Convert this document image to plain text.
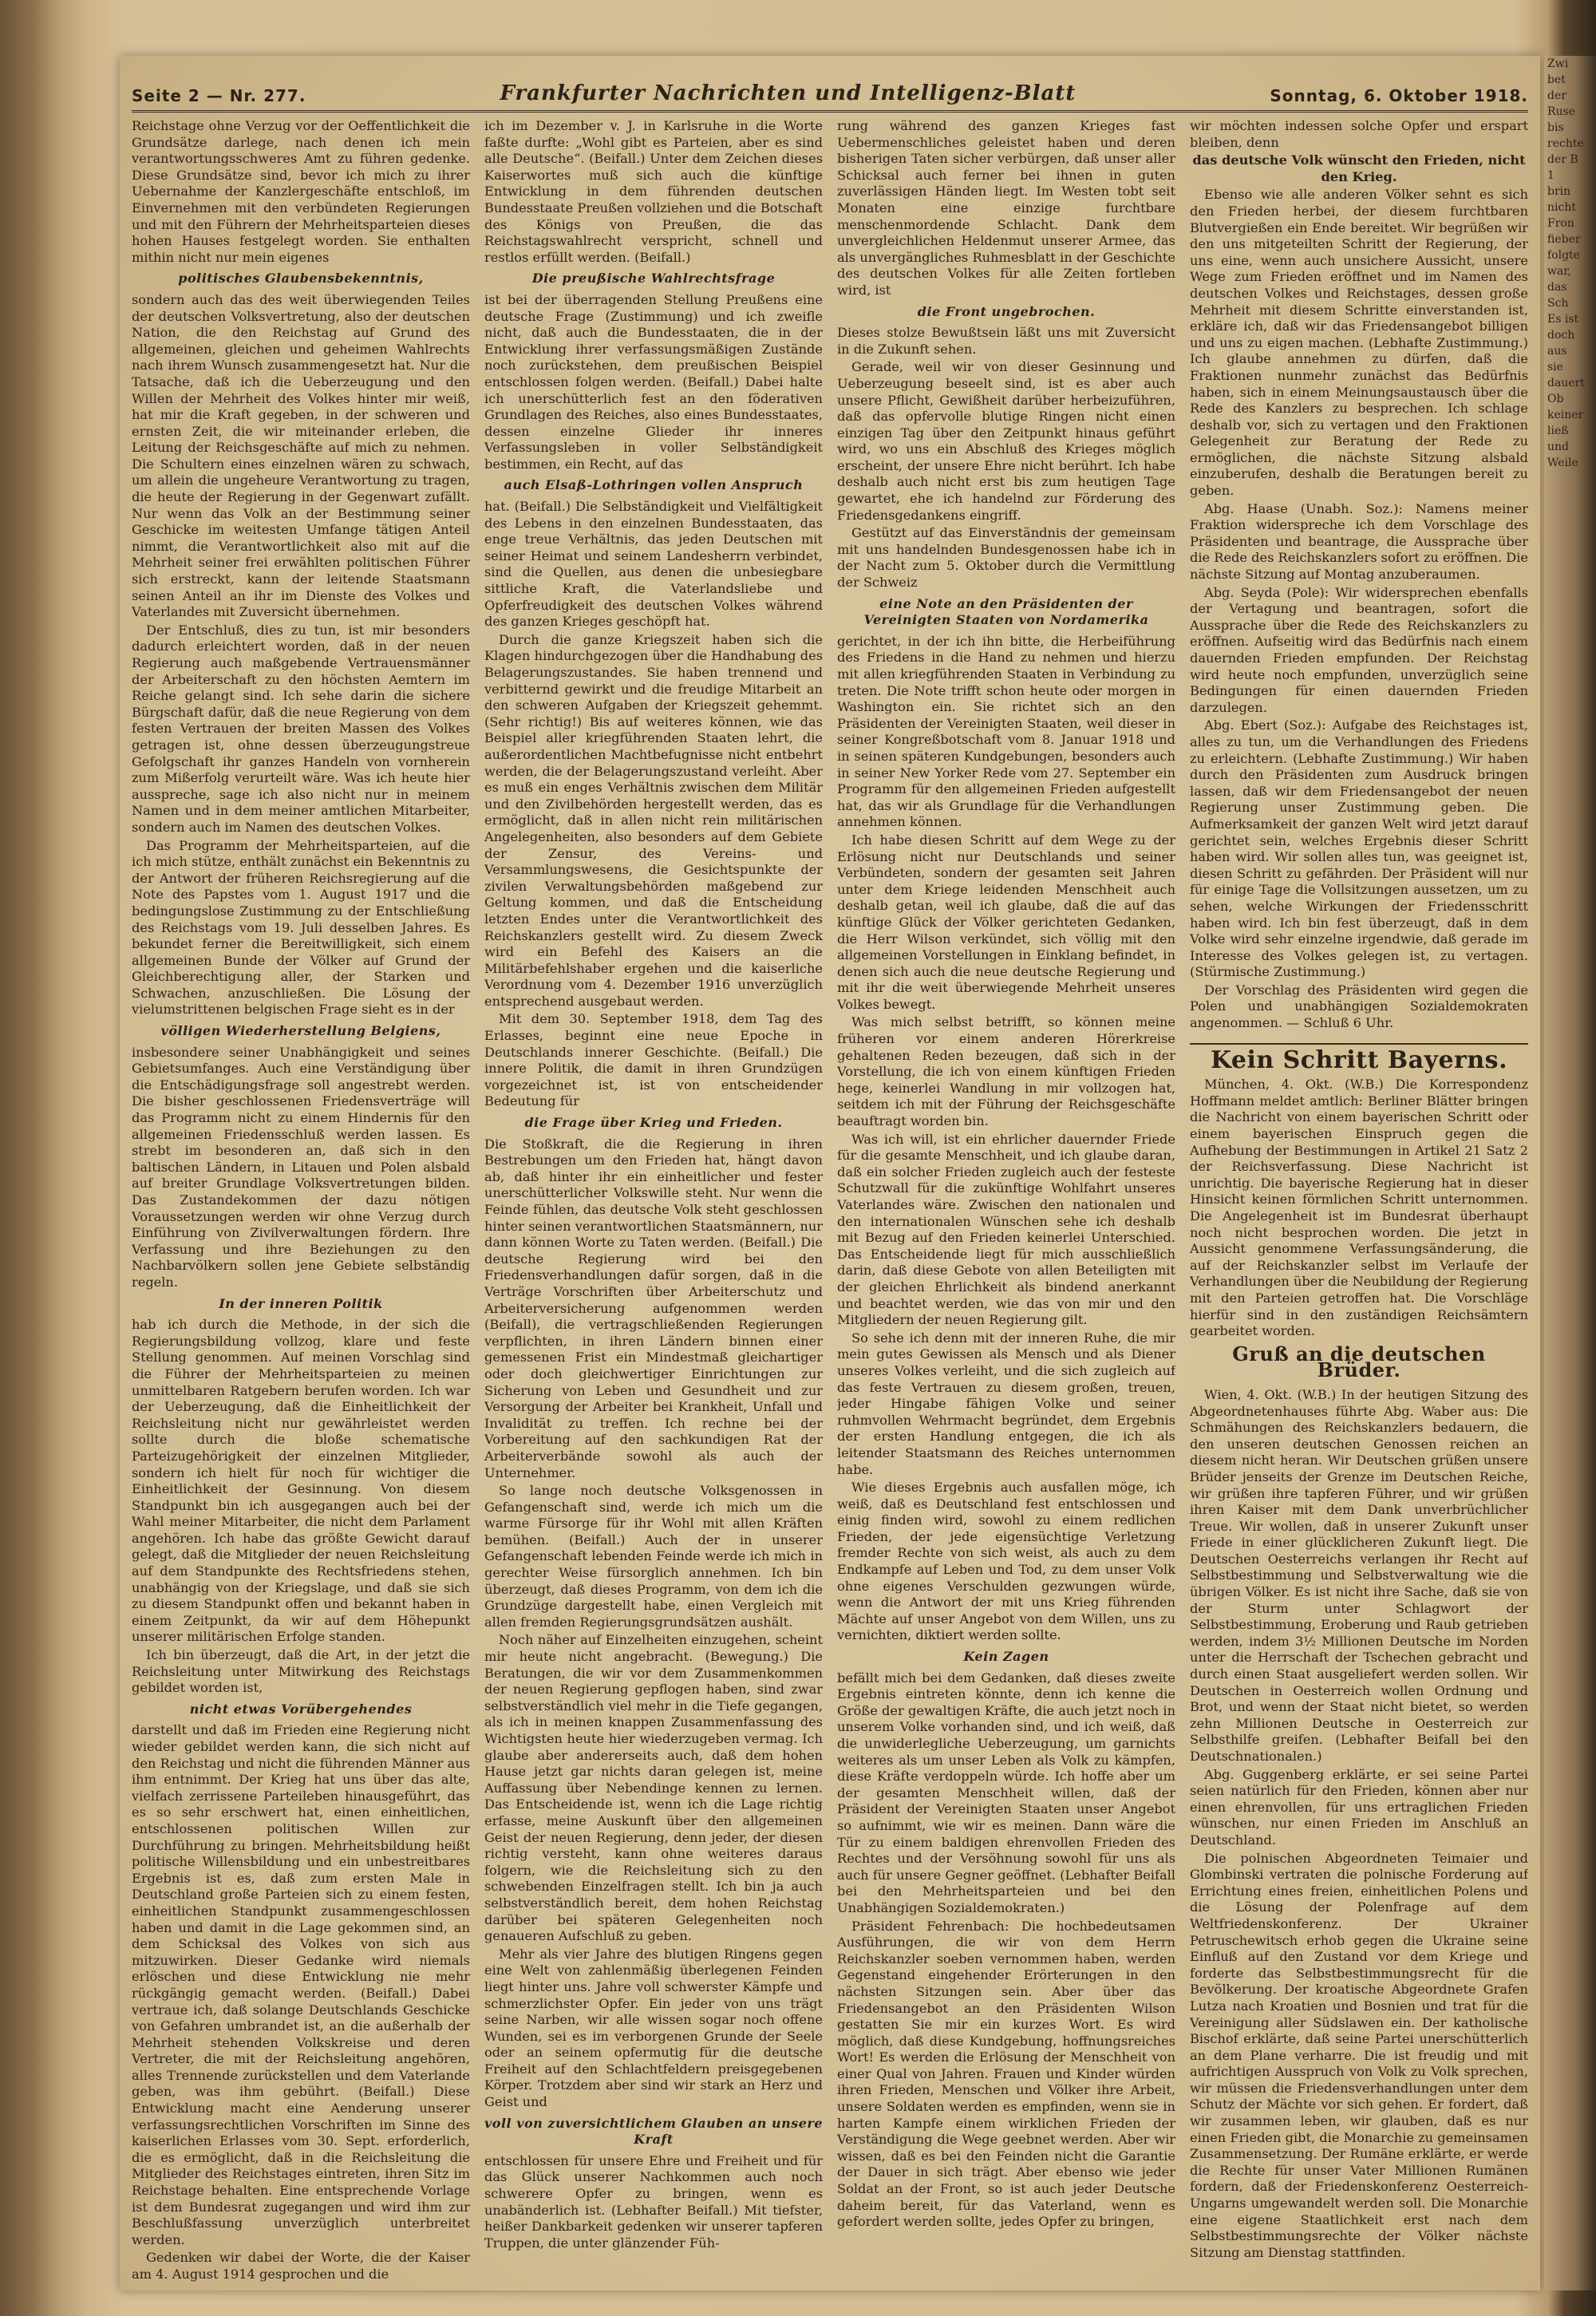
Seite 2 — Nr. 277.	Frankfurter Nachrichten und Intelligenz-Blatt	Sonntag, 6. Oktober 1918.

Reichstage ohne Verzug vor der Oeffentlichkeit die Grundsätze darlege, nach denen ich mein verantwortungsschweres Amt zu führen gedenke. Diese Grundsätze sind, bevor ich mich zu ihrer Uebernahme der Kanzlergeschäfte entschloß, im Einvernehmen mit den verbündeten Regierungen und mit den Führern der Mehrheitsparteien dieses hohen Hauses festgelegt worden. Sie enthalten mithin nicht nur mein eigenes

politisches Glaubensbekenntnis,

sondern auch das des weit überwiegenden Teiles der deutschen Volksvertretung, also der deutschen Nation, die den Reichstag auf Grund des allgemeinen, gleichen und geheimen Wahlrechts nach ihrem Wunsch zusammengesetzt hat. Nur die Tatsache, daß ich die Ueberzeugung und den Willen der Mehrheit des Volkes hinter mir weiß, hat mir die Kraft gegeben, in der schweren und ernsten Zeit, die wir miteinander erleben, die Leitung der Reichsgeschäfte auf mich zu nehmen. Die Schultern eines einzelnen wären zu schwach, um allein die ungeheure Verantwortung zu tragen, die heute der Regierung in der Gegenwart zufällt. Nur wenn das Volk an der Bestimmung seiner Geschicke im weitesten Umfange tätigen Anteil nimmt, die Verantwortlichkeit also mit auf die Mehrheit seiner frei erwählten politischen Führer sich erstreckt, kann der leitende Staatsmann seinen Anteil an ihr im Dienste des Volkes und Vaterlandes mit Zuversicht übernehmen.

Der Entschluß, dies zu tun, ist mir besonders dadurch erleichtert worden, daß in der neuen Regierung auch maßgebende Vertrauensmänner der Arbeiterschaft zu den höchsten Aemtern im Reiche gelangt sind. Ich sehe darin die sichere Bürgschaft dafür, daß die neue Regierung von dem festen Vertrauen der breiten Massen des Volkes getragen ist, ohne dessen überzeugungstreue Gefolgschaft ihr ganzes Handeln von vornherein zum Mißerfolg verurteilt wäre. Was ich heute hier ausspreche, sage ich also nicht nur in meinem Namen und in dem meiner amtlichen Mitarbeiter, sondern auch im Namen des deutschen Volkes.

Das Programm der Mehrheitsparteien, auf die ich mich stütze, enthält zunächst ein Bekenntnis zu der Antwort der früheren Reichsregierung auf die Note des Papstes vom 1. August 1917 und die bedingungslose Zustimmung zu der Entschließung des Reichstags vom 19. Juli desselben Jahres. Es bekundet ferner die Bereitwilligkeit, sich einem allgemeinen Bunde der Völker auf Grund der Gleichberechtigung aller, der Starken und Schwachen, anzuschließen. Die Lösung der vielumstrittenen belgischen Frage sieht es in der

völligen Wiederherstellung Belgiens,

insbesondere seiner Unabhängigkeit und seines Gebietsumfanges. Auch eine Verständigung über die Entschädigungsfrage soll angestrebt werden. Die bisher geschlossenen Friedensverträge will das Programm nicht zu einem Hindernis für den allgemeinen Friedensschluß werden lassen. Es strebt im besonderen an, daß sich in den baltischen Ländern, in Litauen und Polen alsbald auf breiter Grundlage Volksvertretungen bilden. Das Zustandekommen der dazu nötigen Voraussetzungen werden wir ohne Verzug durch Einführung von Zivilverwaltungen fördern. Ihre Verfassung und ihre Beziehungen zu den Nachbarvölkern sollen jene Gebiete selbständig regeln.

In der inneren Politik

hab ich durch die Methode, in der sich die Regierungsbildung vollzog, klare und feste Stellung genommen. Auf meinen Vorschlag sind die Führer der Mehrheitsparteien zu meinen unmittelbaren Ratgebern berufen worden. Ich war der Ueberzeugung, daß die Einheitlichkeit der Reichsleitung nicht nur gewährleistet werden sollte durch die bloße schematische Parteizugehörigkeit der einzelnen Mitglieder, sondern ich hielt für noch für wichtiger die Einheitlichkeit der Gesinnung. Von diesem Standpunkt bin ich ausgegangen auch bei der Wahl meiner Mitarbeiter, die nicht dem Parlament angehören. Ich habe das größte Gewicht darauf gelegt, daß die Mitglieder der neuen Reichsleitung auf dem Standpunkte des Rechtsfriedens stehen, unabhängig von der Kriegslage, und daß sie sich zu diesem Standpunkt offen und bekannt haben in einem Zeitpunkt, da wir auf dem Höhepunkt unserer militärischen Erfolge standen.

Ich bin überzeugt, daß die Art, in der jetzt die Reichsleitung unter Mitwirkung des Reichstags gebildet worden ist,

nicht etwas Vorübergehendes

darstellt und daß im Frieden eine Regierung nicht wieder gebildet werden kann, die sich nicht auf den Reichstag und nicht die führenden Männer aus ihm entnimmt. Der Krieg hat uns über das alte, vielfach zerrissene Parteileben hinausgeführt, das es so sehr erschwert hat, einen einheitlichen, entschlossenen politischen Willen zur Durchführung zu bringen. Mehrheitsbildung heißt politische Willensbildung und ein unbestreitbares Ergebnis ist es, daß zum ersten Male in Deutschland große Parteien sich zu einem festen, einheitlichen Standpunkt zusammengeschlossen haben und damit in die Lage gekommen sind, an dem Schicksal des Volkes von sich aus mitzuwirken. Dieser Gedanke wird niemals erlöschen und diese Entwicklung nie mehr rückgängig gemacht werden. (Beifall.) Dabei vertraue ich, daß solange Deutschlands Geschicke von Gefahren umbrandet ist, an die außerhalb der Mehrheit stehenden Volkskreise und deren Vertreter, die mit der Reichsleitung angehören, alles Trennende zurückstellen und dem Vaterlande geben, was ihm gebührt. (Beifall.) Diese Entwicklung macht eine Aenderung unserer verfassungsrechtlichen Vorschriften im Sinne des kaiserlichen Erlasses vom 30. Sept. erforderlich, die es ermöglicht, daß in die Reichsleitung die Mitglieder des Reichstages eintreten, ihren Sitz im Reichstage behalten. Eine entsprechende Vorlage ist dem Bundesrat zugegangen und wird ihm zur Beschlußfassung unverzüglich unterbreitet werden.

Gedenken wir dabei der Worte, die der Kaiser am 4. August 1914 gesprochen und die

ich im Dezember v. J. in Karlsruhe in die Worte faßte durfte: „Wohl gibt es Parteien, aber es sind alle Deutsche“. (Beifall.) Unter dem Zeichen dieses Kaiserwortes muß sich auch die künftige Entwicklung in dem führenden deutschen Bundesstaate Preußen vollziehen und die Botschaft des Königs von Preußen, die das Reichstagswahlrecht verspricht, schnell und restlos erfüllt werden. (Beifall.)

Die preußische Wahlrechtsfrage

ist bei der überragenden Stellung Preußens eine deutsche Frage (Zustimmung) und ich zweifle nicht, daß auch die Bundesstaaten, die in der Entwicklung ihrer verfassungsmäßigen Zustände noch zurückstehen, dem preußischen Beispiel entschlossen folgen werden. (Beifall.) Dabei halte ich unerschütterlich fest an den föderativen Grundlagen des Reiches, also eines Bundesstaates, dessen einzelne Glieder ihr inneres Verfassungsleben in voller Selbständigkeit bestimmen, ein Recht, auf das

auch Elsaß-Lothringen vollen Anspruch

hat. (Beifall.) Die Selbständigkeit und Vielfältigkeit des Lebens in den einzelnen Bundesstaaten, das enge treue Verhältnis, das jeden Deutschen mit seiner Heimat und seinem Landesherrn verbindet, sind die Quellen, aus denen die unbesiegbare sittliche Kraft, die Vaterlandsliebe und Opferfreudigkeit des deutschen Volkes während des ganzen Krieges geschöpft hat.

Durch die ganze Kriegszeit haben sich die Klagen hindurchgezogen über die Handhabung des Belagerungszustandes. Sie haben trennend und verbitternd gewirkt und die freudige Mitarbeit an den schweren Aufgaben der Kriegszeit gehemmt. (Sehr richtig!) Bis auf weiteres können, wie das Beispiel aller kriegführenden Staaten lehrt, die außerordentlichen Machtbefugnisse nicht entbehrt werden, die der Belagerungszustand verleiht. Aber es muß ein enges Verhältnis zwischen dem Militär und den Zivilbehörden hergestellt werden, das es ermöglicht, daß in allen nicht rein militärischen Angelegenheiten, also besonders auf dem Gebiete der Zensur, des Vereins- und Versammlungswesens, die Gesichtspunkte der zivilen Verwaltungsbehörden maßgebend zur Geltung kommen, und daß die Entscheidung letzten Endes unter die Verantwortlichkeit des Reichskanzlers gestellt wird. Zu diesem Zweck wird ein Befehl des Kaisers an die Militärbefehlshaber ergehen und die kaiserliche Verordnung vom 4. Dezember 1916 unverzüglich entsprechend ausgebaut werden.

Mit dem 30. September 1918, dem Tag des Erlasses, beginnt eine neue Epoche in Deutschlands innerer Geschichte. (Beifall.) Die innere Politik, die damit in ihren Grundzügen vorgezeichnet ist, ist von entscheidender Bedeutung für

die Frage über Krieg und Frieden.

Die Stoßkraft, die die Regierung in ihren Bestrebungen um den Frieden hat, hängt davon ab, daß hinter ihr ein einheitlicher und fester unerschütterlicher Volkswille steht. Nur wenn die Feinde fühlen, das deutsche Volk steht geschlossen hinter seinen verantwortlichen Staatsmännern, nur dann können Worte zu Taten werden. (Beifall.) Die deutsche Regierung wird bei den Friedensverhandlungen dafür sorgen, daß in die Verträge Vorschriften über Arbeiterschutz und Arbeiterversicherung aufgenommen werden (Beifall), die vertragschließenden Regierungen verpflichten, in ihren Ländern binnen einer gemessenen Frist ein Mindestmaß gleichartiger oder doch gleichwertiger Einrichtungen zur Sicherung von Leben und Gesundheit und zur Versorgung der Arbeiter bei Krankheit, Unfall und Invalidität zu treffen. Ich rechne bei der Vorbereitung auf den sachkundigen Rat der Arbeiterverbände sowohl als auch der Unternehmer.

So lange noch deutsche Volksgenossen in Gefangenschaft sind, werde ich mich um die warme Fürsorge für ihr Wohl mit allen Kräften bemühen. (Beifall.) Auch der in unserer Gefangenschaft lebenden Feinde werde ich mich in gerechter Weise fürsorglich annehmen. Ich bin überzeugt, daß dieses Programm, von dem ich die Grundzüge dargestellt habe, einen Vergleich mit allen fremden Regierungsgrundsätzen aushält.

Noch näher auf Einzelheiten einzugehen, scheint mir heute nicht angebracht. (Bewegung.) Die Beratungen, die wir vor dem Zusammenkommen der neuen Regierung gepflogen haben, sind zwar selbstverständlich viel mehr in die Tiefe gegangen, als ich in meinen knappen Zusammenfassung des Wichtigsten heute hier wiederzugeben vermag. Ich glaube aber andererseits auch, daß dem hohen Hause jetzt gar nichts daran gelegen ist, meine Auffassung über Nebendinge kennen zu lernen. Das Entscheidende ist, wenn ich die Lage richtig erfasse, meine Auskunft über den allgemeinen Geist der neuen Regierung, denn jeder, der diesen richtig versteht, kann ohne weiteres daraus folgern, wie die Reichsleitung sich zu den schwebenden Einzelfragen stellt. Ich bin ja auch selbstverständlich bereit, dem hohen Reichstag darüber bei späteren Gelegenheiten noch genaueren Aufschluß zu geben.

Mehr als vier Jahre des blutigen Ringens gegen eine Welt von zahlenmäßig überlegenen Feinden liegt hinter uns. Jahre voll schwerster Kämpfe und schmerzlichster Opfer. Ein jeder von uns trägt seine Narben, wir alle wissen sogar noch offene Wunden, sei es im verborgenen Grunde der Seele oder an seinem opfermutig für die deutsche Freiheit auf den Schlachtfeldern preisgegebenen Körper. Trotzdem aber sind wir stark an Herz und Geist und

voll von zuversichtlichem Glauben an unsere Kraft

entschlossen für unsere Ehre und Freiheit und für das Glück unserer Nachkommen auch noch schwerere Opfer zu bringen, wenn es unabänderlich ist. (Lebhafter Beifall.) Mit tiefster, heißer Dankbarkeit gedenken wir unserer tapferen Truppen, die unter glänzender Füh-

rung während des ganzen Krieges fast Uebermenschliches geleistet haben und deren bisherigen Taten sicher verbürgen, daß unser aller Schicksal auch ferner bei ihnen in guten zuverlässigen Händen liegt. Im Westen tobt seit Monaten eine einzige furchtbare menschenmordende Schlacht. Dank dem unvergleichlichen Heldenmut unserer Armee, das als unvergängliches Ruhmesblatt in der Geschichte des deutschen Volkes für alle Zeiten fortleben wird, ist

die Front ungebrochen.

Dieses stolze Bewußtsein läßt uns mit Zuversicht in die Zukunft sehen.

Gerade, weil wir von dieser Gesinnung und Ueberzeugung beseelt sind, ist es aber auch unsere Pflicht, Gewißheit darüber herbeizuführen, daß das opfervolle blutige Ringen nicht einen einzigen Tag über den Zeitpunkt hinaus geführt wird, wo uns ein Abschluß des Krieges möglich erscheint, der unsere Ehre nicht berührt. Ich habe deshalb auch nicht erst bis zum heutigen Tage gewartet, ehe ich handelnd zur Förderung des Friedensgedankens eingriff.

Gestützt auf das Einverständnis der gemeinsam mit uns handelnden Bundesgenossen habe ich in der Nacht zum 5. Oktober durch die Vermittlung der Schweiz

eine Note an den Präsidenten der Vereinigten Staaten von Nordamerika

gerichtet, in der ich ihn bitte, die Herbeiführung des Friedens in die Hand zu nehmen und hierzu mit allen kriegführenden Staaten in Verbindung zu treten. Die Note trifft schon heute oder morgen in Washington ein. Sie richtet sich an den Präsidenten der Vereinigten Staaten, weil dieser in seiner Kongreßbotschaft vom 8. Januar 1918 und in seinen späteren Kundgebungen, besonders auch in seiner New Yorker Rede vom 27. September ein Programm für den allgemeinen Frieden aufgestellt hat, das wir als Grundlage für die Verhandlungen annehmen können.

Ich habe diesen Schritt auf dem Wege zu der Erlösung nicht nur Deutschlands und seiner Verbündeten, sondern der gesamten seit Jahren unter dem Kriege leidenden Menschheit auch deshalb getan, weil ich glaube, daß die auf das künftige Glück der Völker gerichteten Gedanken, die Herr Wilson verkündet, sich völlig mit den allgemeinen Vorstellungen in Einklang befindet, in denen sich auch die neue deutsche Regierung und mit ihr die weit überwiegende Mehrheit unseres Volkes bewegt.

Was mich selbst betrifft, so können meine früheren vor einem anderen Hörerkreise gehaltenen Reden bezeugen, daß sich in der Vorstellung, die ich von einem künftigen Frieden hege, keinerlei Wandlung in mir vollzogen hat, seitdem ich mit der Führung der Reichsgeschäfte beauftragt worden bin.

Was ich will, ist ein ehrlicher dauernder Friede für die gesamte Menschheit, und ich glaube daran, daß ein solcher Frieden zugleich auch der festeste Schutzwall für die zukünftige Wohlfahrt unseres Vaterlandes wäre. Zwischen den nationalen und den internationalen Wünschen sehe ich deshalb mit Bezug auf den Frieden keinerlei Unterschied. Das Entscheidende liegt für mich ausschließlich darin, daß diese Gebote von allen Beteiligten mit der gleichen Ehrlichkeit als bindend anerkannt und beachtet werden, wie das von mir und den Mitgliedern der neuen Regierung gilt.

So sehe ich denn mit der inneren Ruhe, die mir mein gutes Gewissen als Mensch und als Diener unseres Volkes verleiht, und die sich zugleich auf das feste Vertrauen zu diesem großen, treuen, jeder Hingabe fähigen Volke und seiner ruhmvollen Wehrmacht begründet, dem Ergebnis der ersten Handlung entgegen, die ich als leitender Staatsmann des Reiches unternommen habe.

Wie dieses Ergebnis auch ausfallen möge, ich weiß, daß es Deutschland fest entschlossen und einig finden wird, sowohl zu einem redlichen Frieden, der jede eigensüchtige Verletzung fremder Rechte von sich weist, als auch zu dem Endkampfe auf Leben und Tod, zu dem unser Volk ohne eigenes Verschulden gezwungen würde, wenn die Antwort der mit uns Krieg führenden Mächte auf unser Angebot von dem Willen, uns zu vernichten, diktiert werden sollte.

Kein Zagen

befällt mich bei dem Gedanken, daß dieses zweite Ergebnis eintreten könnte, denn ich kenne die Größe der gewaltigen Kräfte, die auch jetzt noch in unserem Volke vorhanden sind, und ich weiß, daß die unwiderlegliche Ueberzeugung, um garnichts weiteres als um unser Leben als Volk zu kämpfen, diese Kräfte verdoppeln würde. Ich hoffe aber um der gesamten Menschheit willen, daß der Präsident der Vereinigten Staaten unser Angebot so aufnimmt, wie wir es meinen. Dann wäre die Tür zu einem baldigen ehrenvollen Frieden des Rechtes und der Versöhnung sowohl für uns als auch für unsere Gegner geöffnet. (Lebhafter Beifall bei den Mehrheitsparteien und bei den Unabhängigen Sozialdemokraten.)

Präsident Fehrenbach: Die hochbedeutsamen Ausführungen, die wir von dem Herrn Reichskanzler soeben vernommen haben, werden Gegenstand eingehender Erörterungen in den nächsten Sitzungen sein. Aber über das Friedensangebot an den Präsidenten Wilson gestatten Sie mir ein kurzes Wort. Es wird möglich, daß diese Kundgebung, hoffnungsreiches Wort! Es werden die Erlösung der Menschheit von einer Qual von Jahren. Frauen und Kinder würden ihren Frieden, Menschen und Völker ihre Arbeit, unsere Soldaten werden es empfinden, wenn sie in harten Kampfe einem wirklichen Frieden der Verständigung die Wege geebnet werden. Aber wir wissen, daß es bei den Feinden nicht die Garantie der Dauer in sich trägt. Aber ebenso wie jeder Soldat an der Front, so ist auch jeder Deutsche daheim bereit, für das Vaterland, wenn es gefordert werden sollte, jedes Opfer zu bringen,

wir möchten indessen solche Opfer und erspart bleiben, denn

das deutsche Volk wünscht den Frieden, nicht den Krieg.

Ebenso wie alle anderen Völker sehnt es sich den Frieden herbei, der diesem furchtbaren Blutvergießen ein Ende bereitet. Wir begrüßen wir den uns mitgeteilten Schritt der Regierung, der uns eine, wenn auch unsichere Aussicht, unsere Wege zum Frieden eröffnet und im Namen des deutschen Volkes und Reichstages, dessen große Mehrheit mit diesem Schritte einverstanden ist, erkläre ich, daß wir das Friedensangebot billigen und uns zu eigen machen. (Lebhafte Zustimmung.) Ich glaube annehmen zu dürfen, daß die Fraktionen nunmehr zunächst das Bedürfnis haben, sich in einem Meinungsaustausch über die Rede des Kanzlers zu besprechen. Ich schlage deshalb vor, sich zu vertagen und den Fraktionen Gelegenheit zur Beratung der Rede zu ermöglichen, die nächste Sitzung alsbald einzuberufen, deshalb die Beratungen bereit zu geben.

Abg. Haase (Unabh. Soz.): Namens meiner Fraktion widerspreche ich dem Vorschlage des Präsidenten und beantrage, die Aussprache über die Rede des Reichskanzlers sofort zu eröffnen. Die nächste Sitzung auf Montag anzuberaumen.

Abg. Seyda (Pole): Wir widersprechen ebenfalls der Vertagung und beantragen, sofort die Aussprache über die Rede des Reichskanzlers zu eröffnen. Aufseitig wird das Bedürfnis nach einem dauernden Frieden empfunden. Der Reichstag wird heute noch empfunden, unverzüglich seine Bedingungen für einen dauernden Frieden darzulegen.

Abg. Ebert (Soz.): Aufgabe des Reichstages ist, alles zu tun, um die Verhandlungen des Friedens zu erleichtern. (Lebhafte Zustimmung.) Wir haben durch den Präsidenten zum Ausdruck bringen lassen, daß wir dem Friedensangebot der neuen Regierung unser Zustimmung geben. Die Aufmerksamkeit der ganzen Welt wird jetzt darauf gerichtet sein, welches Ergebnis dieser Schritt haben wird. Wir sollen alles tun, was geeignet ist, diesen Schritt zu gefährden. Der Präsident will nur für einige Tage die Vollsitzungen aussetzen, um zu sehen, welche Wirkungen der Friedensschritt haben wird. Ich bin fest überzeugt, daß in dem Volke wird sehr einzelne irgendwie, daß gerade im Interesse des Volkes gelegen ist, zu vertagen. (Stürmische Zustimmung.)

Der Vorschlag des Präsidenten wird gegen die Polen und unabhängigen Sozialdemokraten angenommen. — Schluß 6 Uhr.

Kein Schritt Bayerns.

München, 4. Okt. (W.B.) Die Korrespondenz Hoffmann meldet amtlich: Berliner Blätter bringen die Nachricht von einem bayerischen Schritt oder einem bayerischen Einspruch gegen die Aufhebung der Bestimmungen in Artikel 21 Satz 2 der Reichsverfassung. Diese Nachricht ist unrichtig. Die bayerische Regierung hat in dieser Hinsicht keinen förmlichen Schritt unternommen. Die Angelegenheit ist im Bundesrat überhaupt noch nicht besprochen worden. Die jetzt in Aussicht genommene Verfassungsänderung, die auf der Reichskanzler selbst im Verlaufe der Verhandlungen über die Neubildung der Regierung mit den Parteien getroffen hat. Die Vorschläge hierfür sind in den zuständigen Reichsämtern gearbeitet worden.

Gruß an die deutschen Brüder.

Wien, 4. Okt. (W.B.) In der heutigen Sitzung des Abgeordnetenhauses führte Abg. Waber aus: Die Schmähungen des Reichskanzlers bedauern, die den unseren deutschen Genossen reichen an diesem nicht heran. Wir Deutschen grüßen unsere Brüder jenseits der Grenze im Deutschen Reiche, wir grüßen ihre tapferen Führer, und wir grüßen ihren Kaiser mit dem Dank unverbrüchlicher Treue. Wir wollen, daß in unserer Zukunft unser Friede in einer glücklicheren Zukunft liegt. Die Deutschen Oesterreichs verlangen ihr Recht auf Selbstbestimmung und Selbstverwaltung wie die übrigen Völker. Es ist nicht ihre Sache, daß sie von der Sturm unter Schlagwort der Selbstbestimmung, Eroberung und Raub getrieben werden, indem 3½ Millionen Deutsche im Norden unter die Herrschaft der Tschechen gebracht und durch einen Staat ausgeliefert werden sollen. Wir Deutschen in Oesterreich wollen Ordnung und Brot, und wenn der Staat nicht bietet, so werden zehn Millionen Deutsche in Oesterreich zur Selbsthilfe greifen. (Lebhafter Beifall bei den Deutschnationalen.)

Abg. Guggenberg erklärte, er sei seine Partei seien natürlich für den Frieden, können aber nur einen ehrenvollen, für uns ertraglichen Frieden wünschen, nur einen Frieden im Anschluß an Deutschland.

Die polnischen Abgeordneten Teimaier und Glombinski vertraten die polnische Forderung auf Errichtung eines freien, einheitlichen Polens und die Lösung der Polenfrage auf dem Weltfriedenskonferenz. Der Ukrainer Petruschewitsch erhob gegen die Ukraine seine Einfluß auf den Zustand vor dem Kriege und forderte das Selbstbestimmungsrecht für die Bevölkerung. Der kroatische Abgeordnete Grafen Lutza nach Kroatien und Bosnien und trat für die Vereinigung aller Südslawen ein. Der katholische Bischof erklärte, daß seine Partei unerschütterlich an dem Plane verharre. Die ist freudig und mit aufrichtigen Ausspruch von Volk zu Volk sprechen, wir müssen die Friedensverhandlungen unter dem Schutz der Mächte vor sich gehen. Er fordert, daß wir zusammen leben, wir glauben, daß es nur einen Frieden gibt, die Monarchie zu gemeinsamen Zusammensetzung. Der Rumäne erklärte, er werde die Rechte für unser Vater Millionen Rumänen fordern, daß der Friedenskonferenz Oesterreich-Ungarns umgewandelt werden soll. Die Monarchie eine eigene Staatlichkeit erst nach dem Selbstbestimmungsrechte der Völker nächste Sitzung am Dienstag stattfinden.

Zwi
bet
der
Ruse
bis
rechte
der B
1
brin
nicht
Fron
fieber
folgte
war,
das
Sch
Es ist
doch
aus
sie
dauert
Ob
keiner
ließ
und
Weile
